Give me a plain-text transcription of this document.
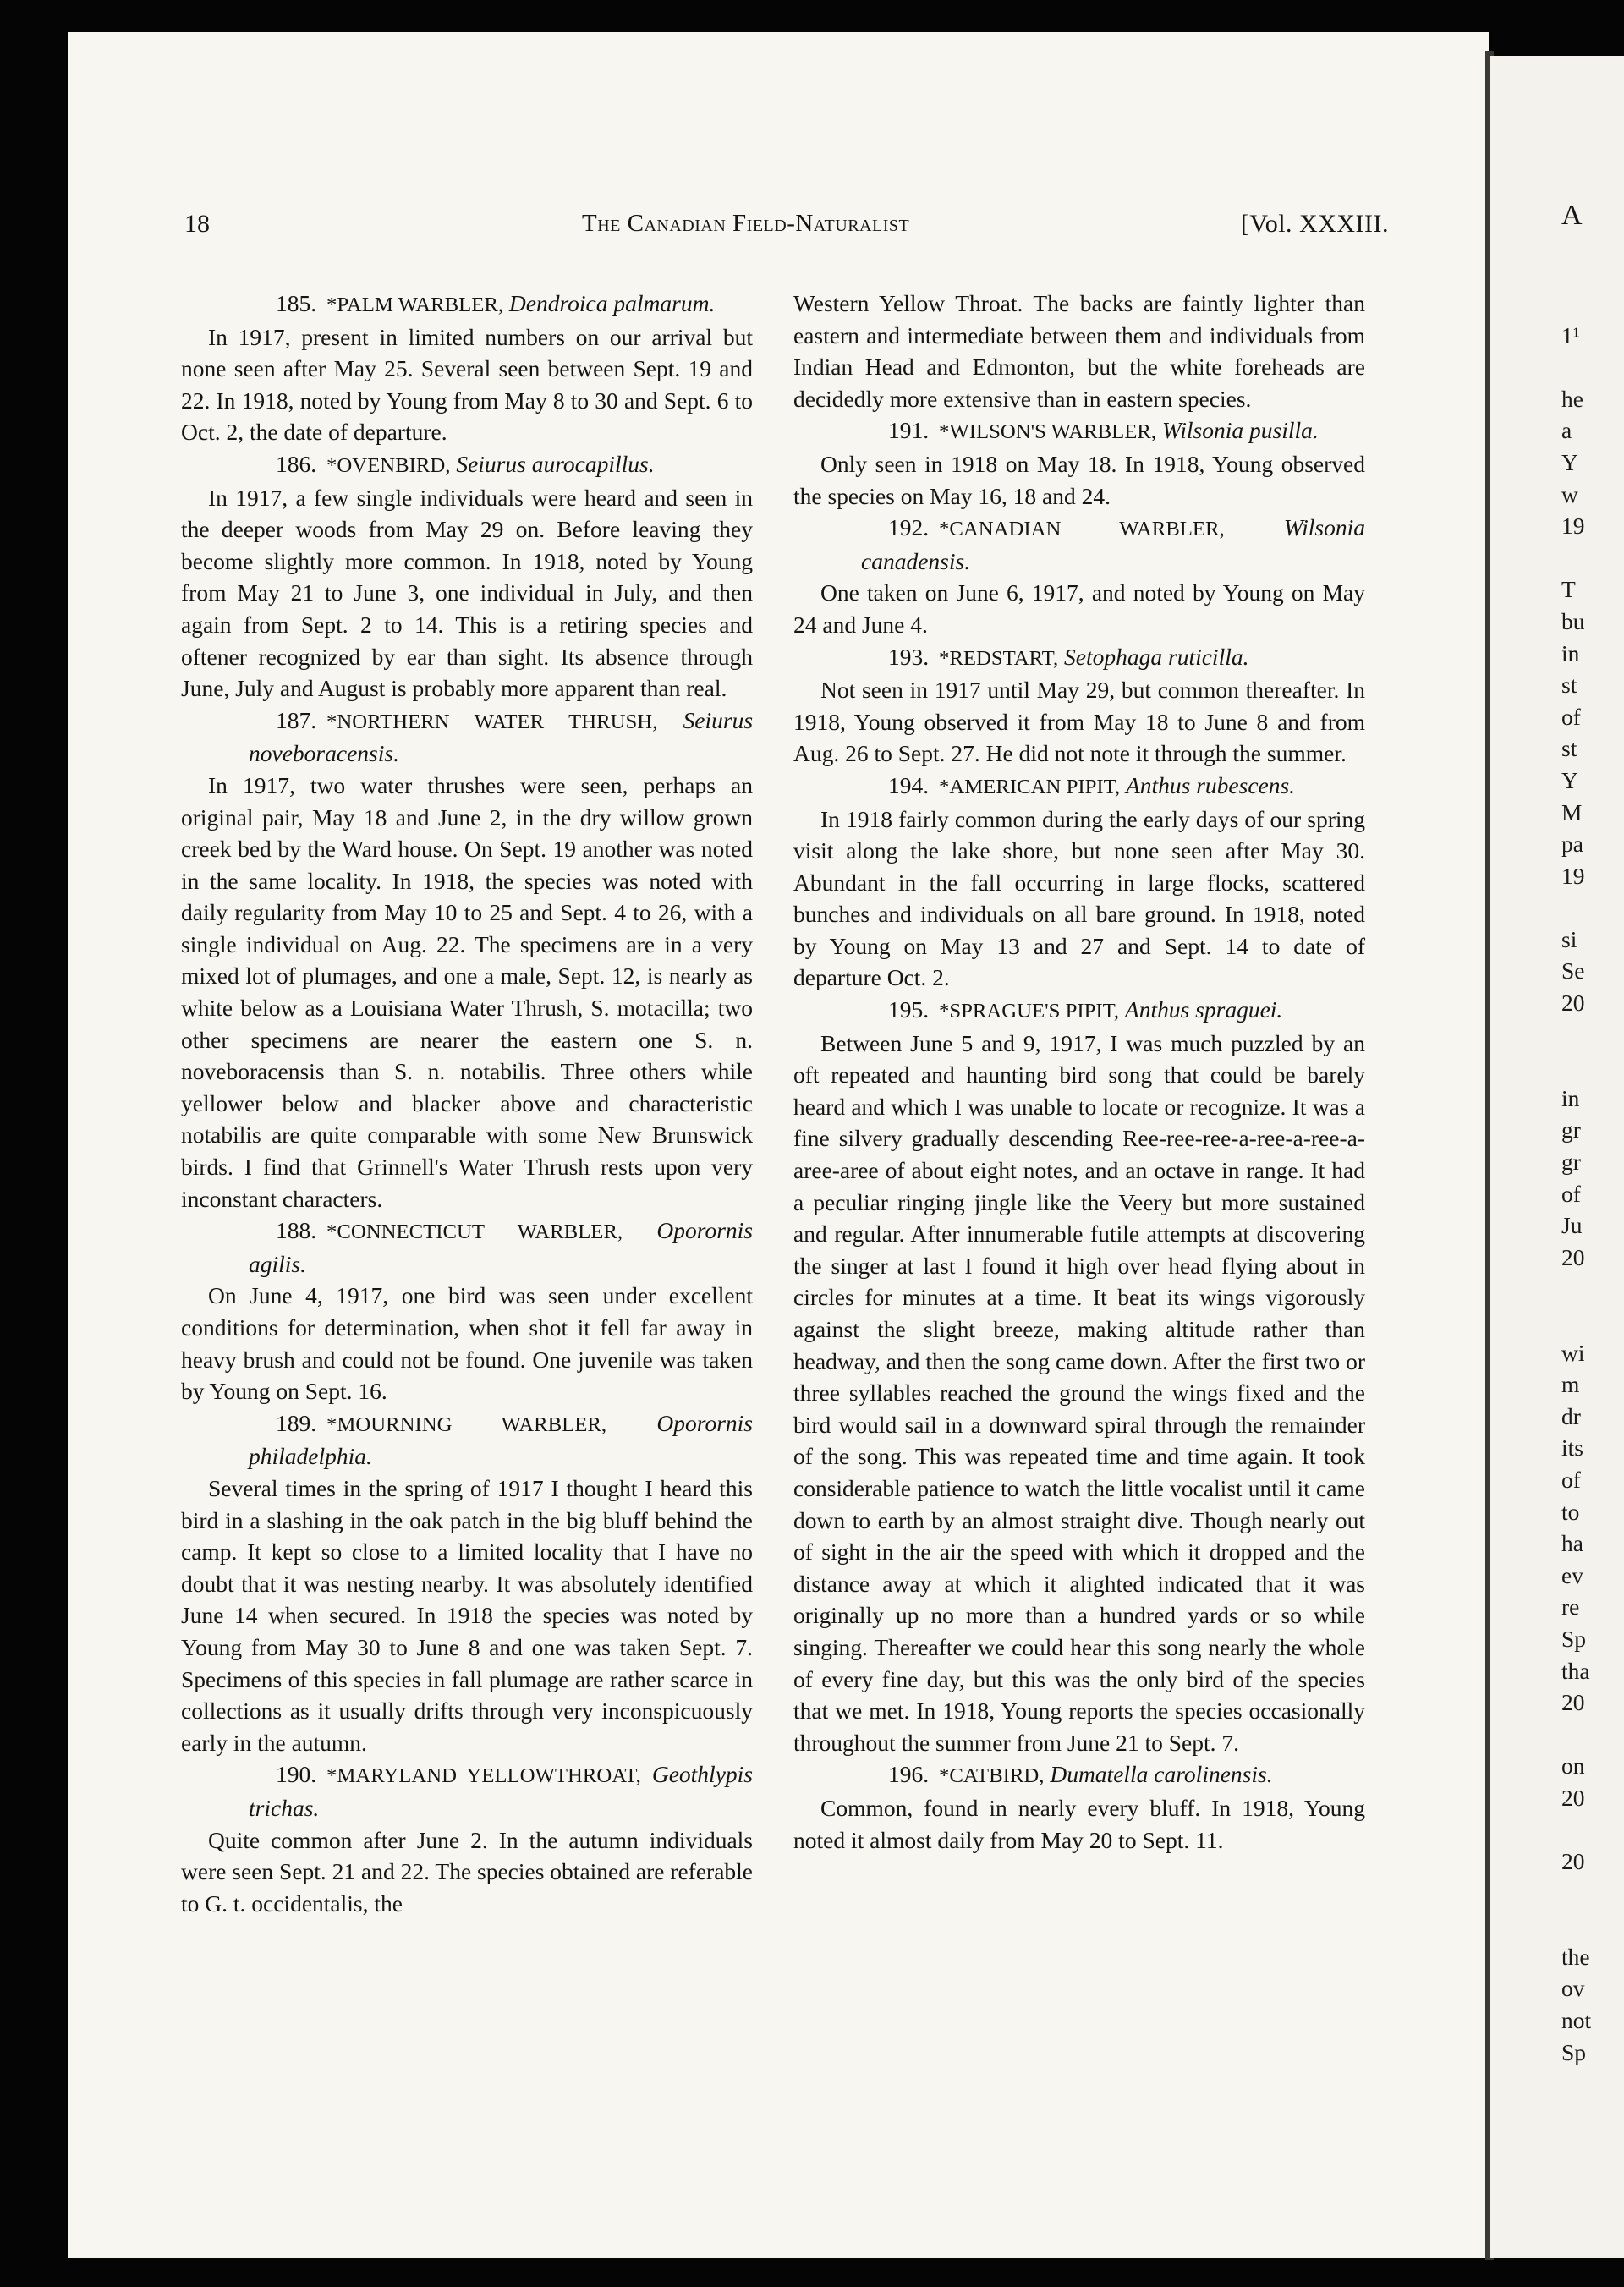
A
1¹
he
a
Y
w
19
T
bu
in
st
of
st
Y
M
pa
19
si
Se
20
in
gr
gr
of
Ju
20
wi
m
dr
its
of
to
ha
ev
re
Sp
tha
20
on
20
20
the
ov
not
Sp
18	The Canadian Field-Naturalist	[Vol. XXXIII.

185. *PALM WARBLER, Dendroica palmarum.

In 1917, present in limited numbers on our arrival but none seen after May 25. Several seen between Sept. 19 and 22. In 1918, noted by Young from May 8 to 30 and Sept. 6 to Oct. 2, the date of departure.

186. *OVENBIRD, Seiurus aurocapillus.

In 1917, a few single individuals were heard and seen in the deeper woods from May 29 on. Before leaving they become slightly more common. In 1918, noted by Young from May 21 to June 3, one individual in July, and then again from Sept. 2 to 14. This is a retiring species and oftener recognized by ear than sight. Its absence through June, July and August is probably more apparent than real.

187. *NORTHERN WATER THRUSH, Seiurus noveboracensis.

In 1917, two water thrushes were seen, perhaps an original pair, May 18 and June 2, in the dry willow grown creek bed by the Ward house. On Sept. 19 another was noted in the same locality. In 1918, the species was noted with daily regularity from May 10 to 25 and Sept. 4 to 26, with a single individual on Aug. 22. The specimens are in a very mixed lot of plumages, and one a male, Sept. 12, is nearly as white below as a Louisiana Water Thrush, S. motacilla; two other specimens are nearer the eastern one S. n. noveboracensis than S. n. notabilis. Three others while yellower below and blacker above and characteristic notabilis are quite comparable with some New Brunswick birds. I find that Grinnell's Water Thrush rests upon very inconstant characters.

188. *CONNECTICUT WARBLER, Oporornis agilis.

On June 4, 1917, one bird was seen under excellent conditions for determination, when shot it fell far away in heavy brush and could not be found. One juvenile was taken by Young on Sept. 16.

189. *MOURNING WARBLER, Oporornis philadelphia.

Several times in the spring of 1917 I thought I heard this bird in a slashing in the oak patch in the big bluff behind the camp. It kept so close to a limited locality that I have no doubt that it was nesting nearby. It was absolutely identified June 14 when secured. In 1918 the species was noted by Young from May 30 to June 8 and one was taken Sept. 7. Specimens of this species in fall plumage are rather scarce in collections as it usually drifts through very inconspicuously early in the autumn.

190. *MARYLAND YELLOWTHROAT, Geothlypis trichas.

Quite common after June 2. In the autumn individuals were seen Sept. 21 and 22. The species obtained are referable to G. t. occidentalis, the

Western Yellow Throat. The backs are faintly lighter than eastern and intermediate between them and individuals from Indian Head and Edmonton, but the white foreheads are decidedly more extensive than in eastern species.

191. *WILSON'S WARBLER, Wilsonia pusilla.

Only seen in 1918 on May 18. In 1918, Young observed the species on May 16, 18 and 24.

192. *CANADIAN WARBLER,	Wilsonia canadensis.

One taken on June 6, 1917, and noted by Young on May 24 and June 4.

193. *REDSTART, Setophaga ruticilla.

Not seen in 1917 until May 29, but common thereafter. In 1918, Young observed it from May 18 to June 8 and from Aug. 26 to Sept. 27. He did not note it through the summer.

194. *AMERICAN PIPIT, Anthus rubescens.

In 1918 fairly common during the early days of our spring visit along the lake shore, but none seen after May 30. Abundant in the fall occurring in large flocks, scattered bunches and individuals on all bare ground. In 1918, noted by Young on May 13 and 27 and Sept. 14 to date of departure Oct. 2.

195. *SPRAGUE'S PIPIT, Anthus spraguei.

Between June 5 and 9, 1917, I was much puzzled by an oft repeated and haunting bird song that could be barely heard and which I was unable to locate or recognize. It was a fine silvery gradually descending Ree-ree-ree-a-ree-a-ree-a-aree-aree of about eight notes, and an octave in range. It had a peculiar ringing jingle like the Veery but more sustained and regular. After innumerable futile attempts at discovering the singer at last I found it high over head flying about in circles for minutes at a time. It beat its wings vigorously against the slight breeze, making altitude rather than headway, and then the song came down. After the first two or three syllables reached the ground the wings fixed and the bird would sail in a downward spiral through the remainder of the song. This was repeated time and time again. It took considerable patience to watch the little vocalist until it came down to earth by an almost straight dive. Though nearly out of sight in the air the speed with which it dropped and the distance away at which it alighted indicated that it was originally up no more than a hundred yards or so while singing. Thereafter we could hear this song nearly the whole of every fine day, but this was the only bird of the species that we met. In 1918, Young reports the species occasionally throughout the summer from June 21 to Sept. 7.

196. *CATBIRD, Dumatella carolinensis.

Common, found in nearly every bluff. In 1918, Young noted it almost daily from May 20 to Sept. 11.
